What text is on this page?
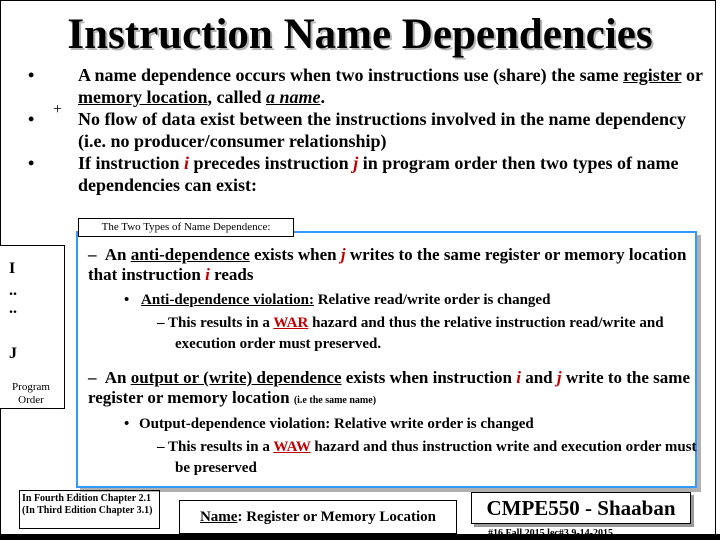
Instruction Name Dependencies
+
• A name dependence occurs when two instructions use (share) the same register or memory location, called a name.
• No flow of data exist between the instructions involved in the name dependency (i.e. no producer/consumer relationship)
• If instruction i precedes instruction j in program order then two types of name dependencies can exist:
The Two Types of Name Dependence:
I
..
..
J
Program
Order
– An anti-dependence exists when j writes to the same register or memory location that instruction i reads
• Anti-dependence violation: Relative read/write order is changed
– This results in a WAR hazard and thus the relative instruction read/write and execution order must preserved.
– An output or (write) dependence exists when instruction i and j write to the same register or memory location (i.e the same name)
• Output-dependence violation: Relative write order is changed
– This results in a WAW hazard and thus instruction write and execution order must be preserved
In Fourth Edition Chapter 2.1
(In Third Edition Chapter 3.1)	Name: Register or Memory Location	CMPE550 - Shaaban
#16 Fall 2015 lec#3 9-14-2015
